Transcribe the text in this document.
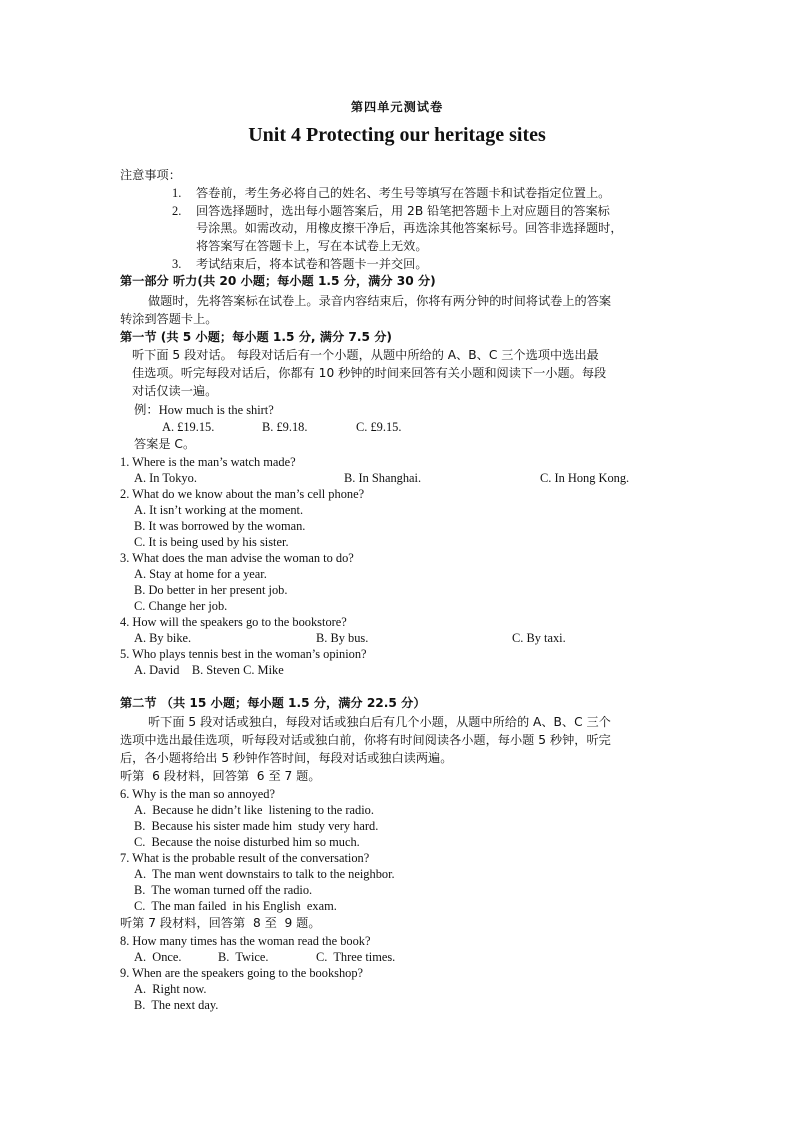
第四单元测试卷
Unit 4 Protecting our heritage sites
注意事项：
1. 答卷前，考生务必将自己的姓名、考生号等填写在答题卡和试卷指定位置上。
2. 回答选择题时，选出每小题答案后，用 2B 铅笔把答题卡上对应题目的答案标
号涂黑。如需改动，用橡皮擦干净后，再选涂其他答案标号。回答非选择题时，
将答案写在答题卡上，写在本试卷上无效。
3. 考试结束后，将本试卷和答题卡一并交回。
第一部分 听力(共 20 小题；每小题 1.5 分，满分 30 分)
做题时，先将答案标在试卷上。录音内容结束后，你将有两分钟的时间将试卷上的答案
转涂到答题卡上。
第一节 (共 5 小题；每小题 1.5 分, 满分 7.5 分)
听下面 5 段对话。 每段对话后有一个小题，从题中所给的 A、B、C 三个选项中选出最
佳选项。听完每段对话后，你都有 10 秒钟的时间来回答有关小题和阅读下一小题。每段
对话仅读一遍。
例：How much is the shirt?
A. £19.15.	B. £9.18.	C. £9.15.
答案是 C。
1. Where is the man’s watch made?
A. In Tokyo.	B. In Shanghai.	C. In Hong Kong.
2. What do we know about the man’s cell phone?
A. It isn’t working at the moment.
B. It was borrowed by the woman.
C. It is being used by his sister.
3. What does the man advise the woman to do?
A. Stay at home for a year.
B. Do better in her present job.
C. Change her job.
4. How will the speakers go to the bookstore?
A. By bike.	B. By bus.	C. By taxi.
5. Who plays tennis best in the woman’s opinion?
A. David    B. Steven C. Mike
第二节 （共 15 小题；每小题 1.5 分，满分 22.5 分）
听下面 5 段对话或独白，每段对话或独白后有几个小题，从题中所给的 A、B、C 三个
选项中选出最佳选项，听每段对话或独白前，你将有时间阅读各小题，每小题 5 秒钟，听完
后，各小题将给出 5 秒钟作答时间，每段对话或独白读两遍。
听第  6 段材料，回答第  6 至 7 题。
6. Why is the man so annoyed?
A.  Because he didn’t like  listening to the radio.
B.  Because his sister made him  study very hard.
C.  Because the noise disturbed him so much.
7. What is the probable result of the conversation?
A.  The man went downstairs to talk to the neighbor.
B.  The woman turned off the radio.
C.  The man failed  in his English  exam.
听第 7 段材料，回答第  8 至  9 题。
8. How many times has the woman read the book?
A.  Once.	B.  Twice.	C.  Three times.
9. When are the speakers going to the bookshop?
A.  Right now.
B.  The next day.
